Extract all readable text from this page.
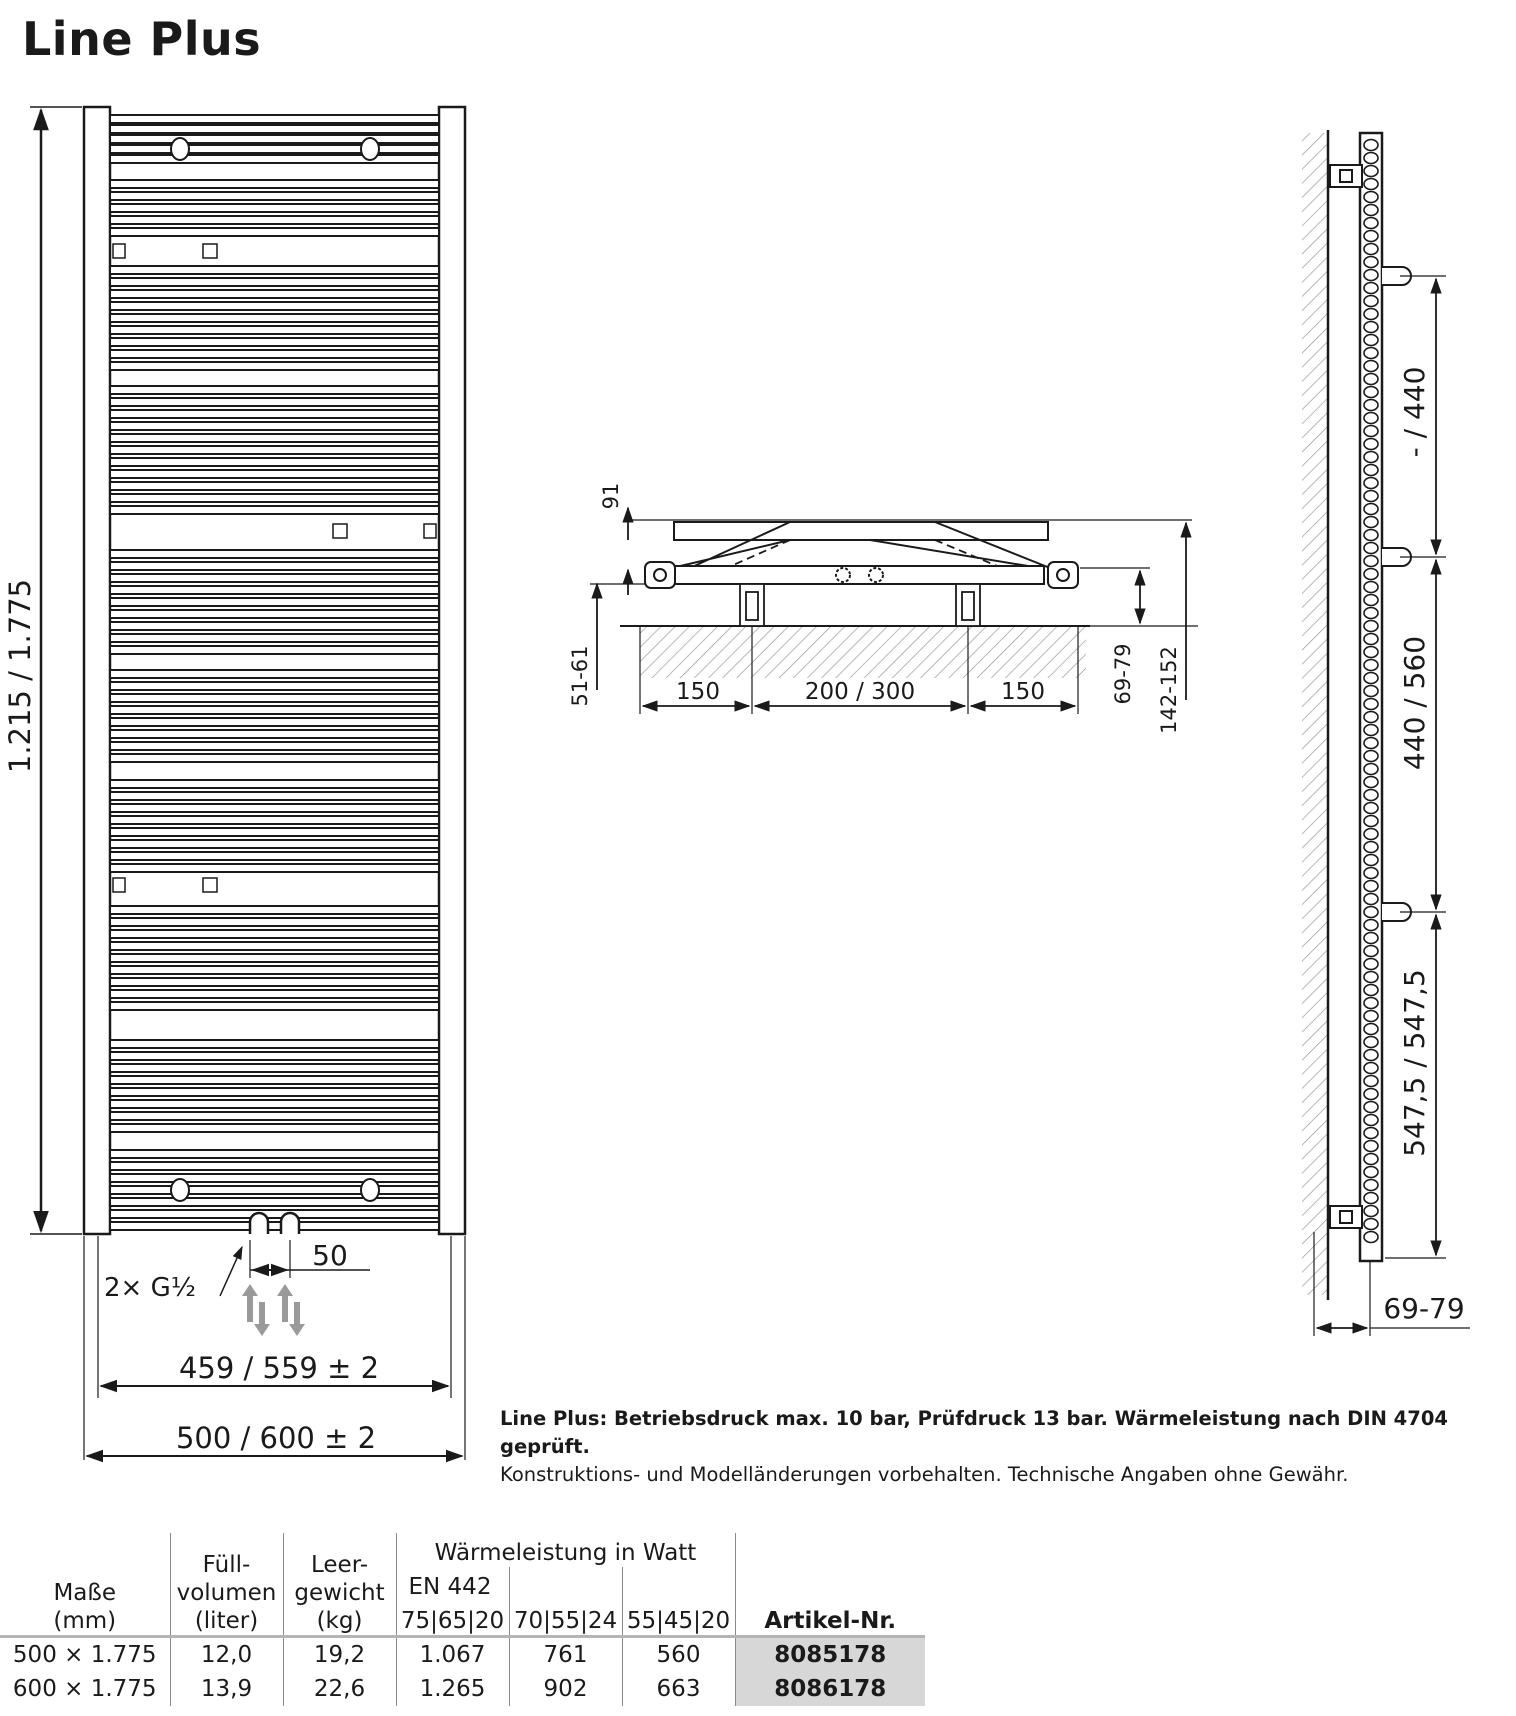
Line Plus
1.215 / 1.775
2× G½
50
459 / 559 ± 2
500 / 600 ± 2
91
51-61	150	200 / 300	150	69-79 142-152
- / 440
440 / 560
547,5 / 547,5
69-79
Line Plus: Betriebsdruck max. 10 bar, Prüfdruck 13 bar. Wärmeleistung nach DIN 4704 geprüft.
Konstruktions- und Modelländerungen vorbehalten. Technische Angaben ohne Gewähr.
Maße
(mm)	Füll-
volumen
(liter)	Leer-
gewicht
(kg)	Wärmeleistung in Watt			Artikel-Nr.
			EN 442			
			75|65|20	70|55|24	55|45|20	
500 × 1.775	12,0	19,2	1.067	761	560	8085178
600 × 1.775	13,9	22,6	1.265	902	663	8086178
